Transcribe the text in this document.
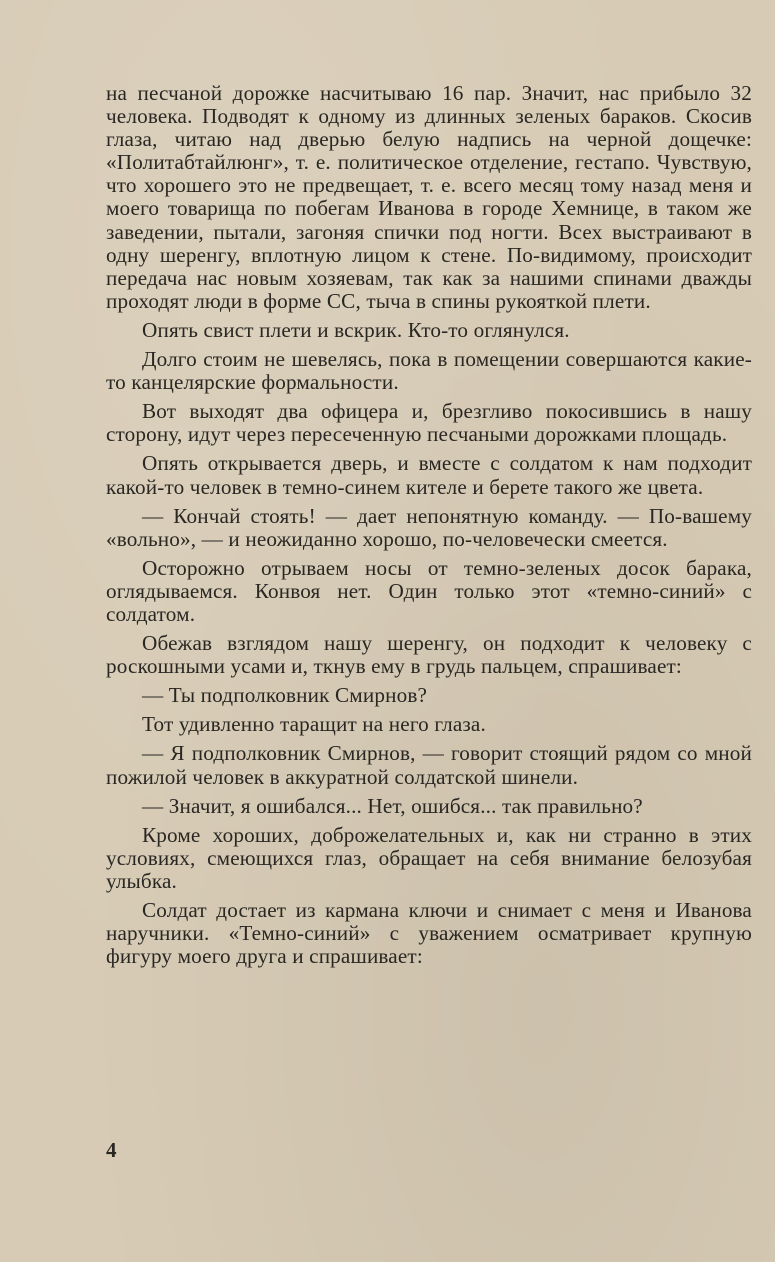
на песчаной дорожке насчитываю 16 пар. Значит, нас прибыло 32 человека. Подводят к одному из длинных зеленых бараков. Скосив глаза, читаю над дверью белую надпись на черной дощечке: «Политабтайлюнг», т. е. политическое отделение, гестапо. Чувствую, что хорошего это не предвещает, т. е. всего месяц тому назад меня и моего товарища по побегам Иванова в городе Хемнице, в таком же заведении, пытали, загоняя спички под ногти. Всех выстраивают в одну шеренгу, вплотную лицом к стене. По-видимому, происходит передача нас новым хозяевам, так как за нашими спинами дважды проходят люди в форме СС, тыча в спины рукояткой плети.

Опять свист плети и вскрик. Кто-то оглянулся.

Долго стоим не шевелясь, пока в помещении совершаются какие-то канцелярские формальности.

Вот выходят два офицера и, брезгливо покосившись в нашу сторону, идут через пересеченную песчаными дорожками площадь.

Опять открывается дверь, и вместе с солдатом к нам подходит какой-то человек в темно-синем кителе и берете такого же цвета.

— Кончай стоять! — дает непонятную команду. — По-вашему «вольно», — и неожиданно хорошо, по-человечески смеется.

Осторожно отрываем носы от темно-зеленых досок барака, оглядываемся. Конвоя нет. Один только этот «темно-синий» с солдатом.

Обежав взглядом нашу шеренгу, он подходит к человеку с роскошными усами и, ткнув ему в грудь пальцем, спрашивает:

— Ты подполковник Смирнов?

Тот удивленно таращит на него глаза.

— Я подполковник Смирнов, — говорит стоящий рядом со мной пожилой человек в аккуратной солдатской шинели.

— Значит, я ошибался... Нет, ошибся... так правильно?

Кроме хороших, доброжелательных и, как ни странно в этих условиях, смеющихся глаз, обращает на себя внимание белозубая улыбка.

Солдат достает из кармана ключи и снимает с меня и Иванова наручники. «Темно-синий» с уважением осматривает крупную фигуру моего друга и спрашивает:

4
